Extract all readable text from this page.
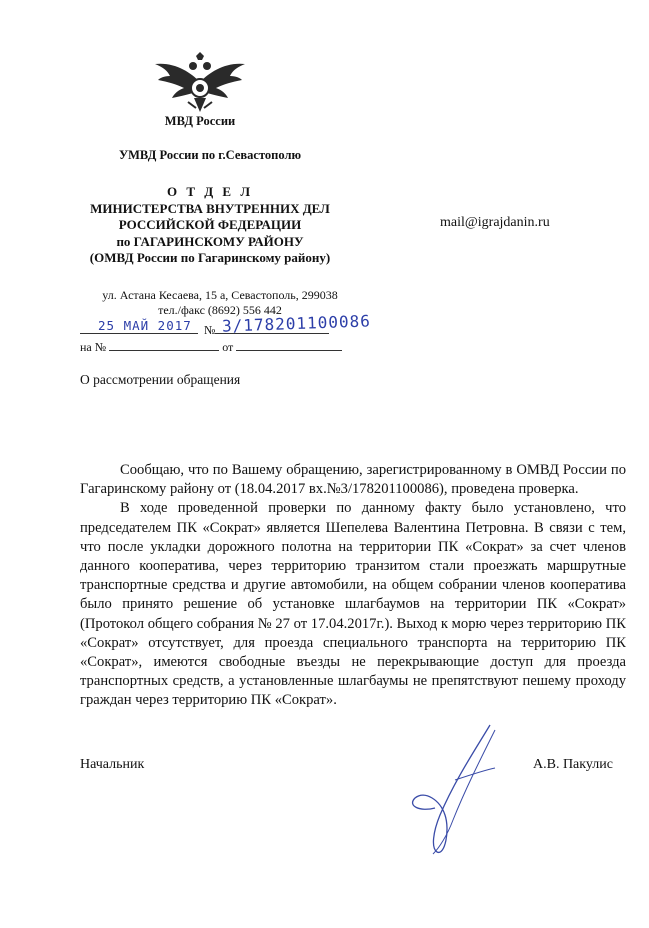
МВД России
УМВД России по г.Севастополю
О Т Д Е Л
МИНИСТЕРСТВА ВНУТРЕННИХ ДЕЛ
РОССИЙСКОЙ ФЕДЕРАЦИИ
по ГАГАРИНСКОМУ РАЙОНУ
(ОМВД России по Гагаринскому району)
ул. Астана Кесаева, 15 а, Севастополь, 299038
тел./факс (8692) 556 442
mail@igrajdanin.ru
25 МАЙ 2017 № 3/178201100086
на №	от
О рассмотрении обращения

Сообщаю, что по Вашему обращению, зарегистрированному в ОМВД России по Гагаринскому району от (18.04.2017 вх.№3/178201100086), проведена проверка.

В ходе проведенной проверки по данному факту было установлено, что председателем ПК «Сократ» является Шепелева Валентина Петровна. В связи с тем, что после укладки дорожного полотна на территории ПК «Сократ» за счет членов данного кооператива, через территорию транзитом стали проезжать маршрутные транспортные средства и другие автомобили, на общем собрании членов кооператива было принято решение об установке шлагбаумов на территории ПК «Сократ» (Протокол общего собрания № 27 от 17.04.2017г.). Выход к морю через территорию ПК «Сократ» отсутствует, для проезда специального транспорта на территорию ПК «Сократ», имеются свободные въезды не перекрывающие доступ для проезда транспортных средств, а установленные шлагбаумы не препятствуют пешему проходу граждан через территорию ПК «Сократ».

Начальник	А.В. Пакулис
